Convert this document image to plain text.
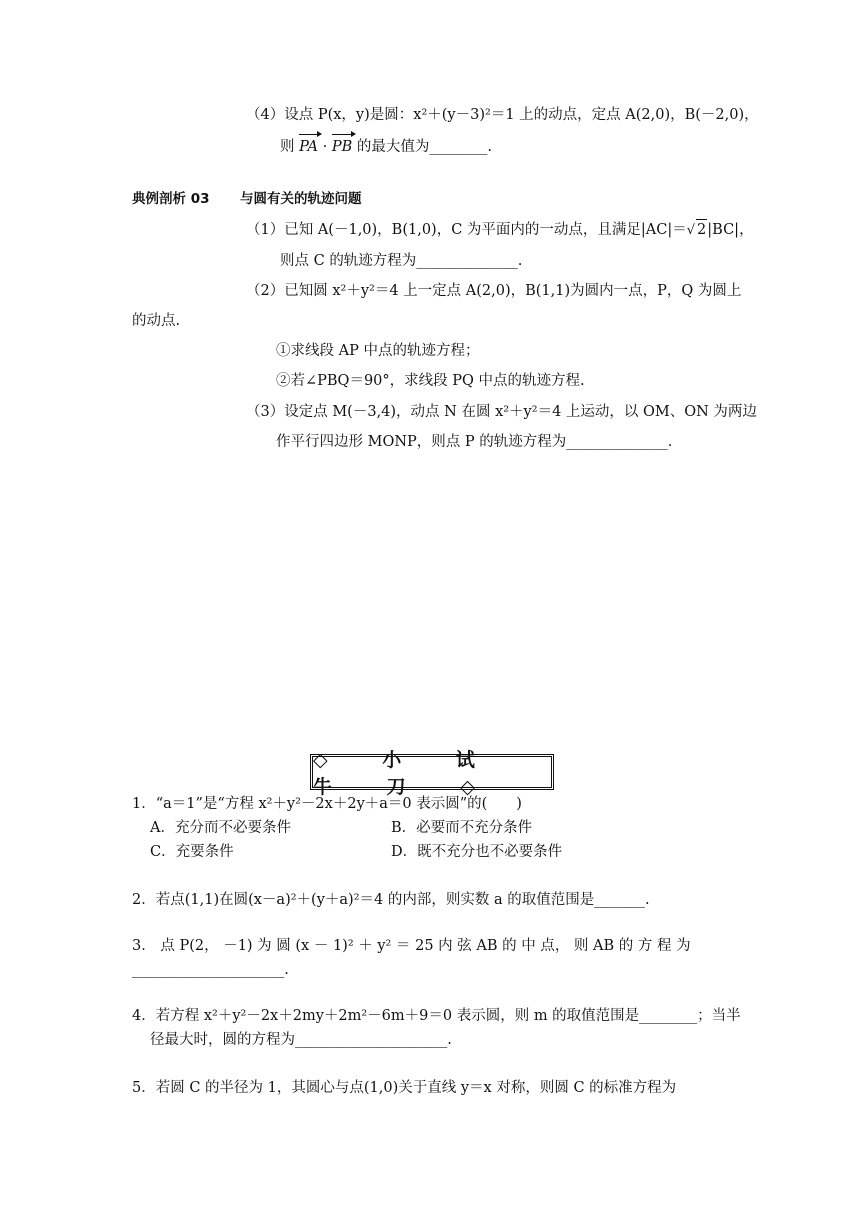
（4）设点 P(x，y)是圆：x²＋(y－3)²＝1 上的动点，定点 A(2,0)，B(－2,0)，
则 PA · PB 的最大值为________.
典例剖析 03 与圆有关的轨迹问题
（1）已知 A(－1,0)，B(1,0)，C 为平面内的一动点，且满足|AC|＝√ 2|BC|，
则点 C 的轨迹方程为______________.
（2）已知圆 x²＋y²＝4 上一定点 A(2,0)，B(1,1)为圆内一点，P，Q 为圆上
的动点.
①求线段 AP 中点的轨迹方程；
②若∠PBQ＝90°，求线段 PQ 中点的轨迹方程.
（3）设定点 M(－3,4)，动点 N 在圆 x²＋y²＝4 上运动，以 OM、ON 为两边
作平行四边形 MONP，则点 P 的轨迹方程为______________.
◇ 小 试 牛 刀 ◇
1．“a＝1”是“方程 x²＋y²－2x＋2y＋a＝0 表示圆”的(　　)
A．充分而不必要条件	B．必要而不充分条件
C．充要条件	D．既不充分也不必要条件
2．若点(1,1)在圆(x－a)²＋(y＋a)²＝4 的内部，则实数 a 的取值范围是_______.
3． 点 P(2， －1) 为 圆 (x － 1)² ＋ y² ＝ 25 内 弦 AB 的 中 点， 则 AB 的 方 程 为
_____________________.
4．若方程 x²＋y²－2x＋2my＋2m²－6m＋9＝0 表示圆，则 m 的取值范围是________；当半
径最大时，圆的方程为_____________________.
5．若圆 C 的半径为 1，其圆心与点(1,0)关于直线 y＝x 对称，则圆 C 的标准方程为
